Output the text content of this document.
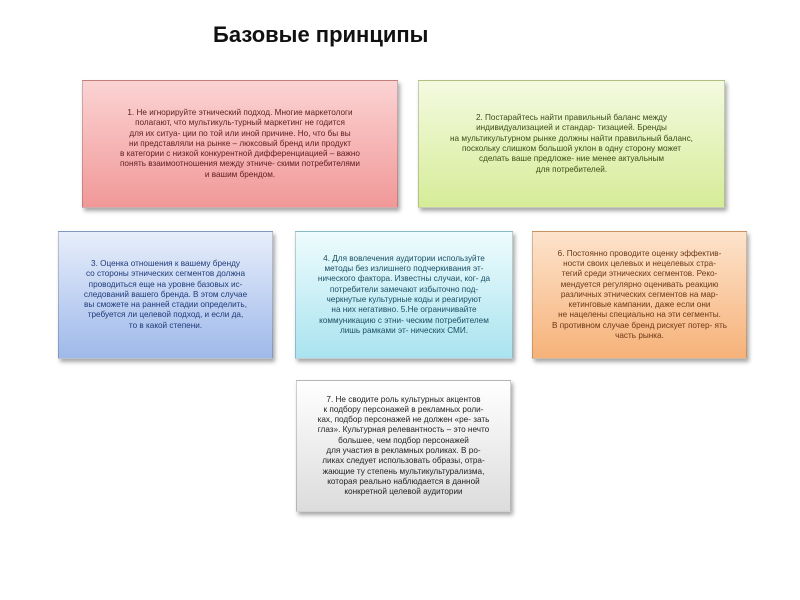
Базовые принципы
1. Не игнорируйте этнический подход. Многие маркетологи
полагают, что мультикуль-турный маркетинг не годится
для их ситуа- ции по той или иной причине. Но, что бы вы
ни представляли на рынке – люксовый бренд или продукт
в категории с низкой конкурентной дифференциацией – важно
понять взаимоотношения между этниче- скими потребителями
и вашим брендом.
2. Постарайтесь найти правильный баланс между
индивидуализацией и стандар- тизацией. Бренды
на мультикультурном рынке должны найти правильный баланс,
поскольку слишком большой уклон в одну сторону может
сделать ваше предложе- ние менее актуальным
для потребителей.
3. Оценка отношения к вашему бренду
со стороны этнических сегментов должна
проводиться еще на уровне базовых ис-
следований вашего бренда. В этом случае
вы сможете на ранней стадии определить,
требуется ли целевой подход, и если да,
то в какой степени.
4. Для вовлечения аудитории используйте
методы без излишнего подчеркивания эт-
нического фактора. Известны случаи, ког- да
потребители замечают избыточно под-
черкнутые культурные коды и реагируют
на них негативно. 5.Не ограничивайте
коммуникацию с этни- ческим потребителем
лишь рамками эт- нических СМИ.
6. Постоянно проводите оценку эффектив-
ности своих целевых и нецелевых стра-
тегий среди этнических сегментов. Реко-
мендуется регулярно оценивать реакцию
различных этнических сегментов на мар-
кетинговые кампании, даже если они
не нацелены специально на эти сегменты.
В противном случае бренд рискует потер- ять
часть рынка.
7. Не сводите роль культурных акцентов
к подбору персонажей в рекламных роли-
ках, подбор персонажей не должен «ре- зать
глаз». Культурная релевантность – это нечто
большее, чем подбор персонажей
для участия в рекламных роликах. В ро-
ликах следует использовать образы, отра-
жающие ту степень мультикультурализма,
которая реально наблюдается в данной
конкретной целевой аудитории
